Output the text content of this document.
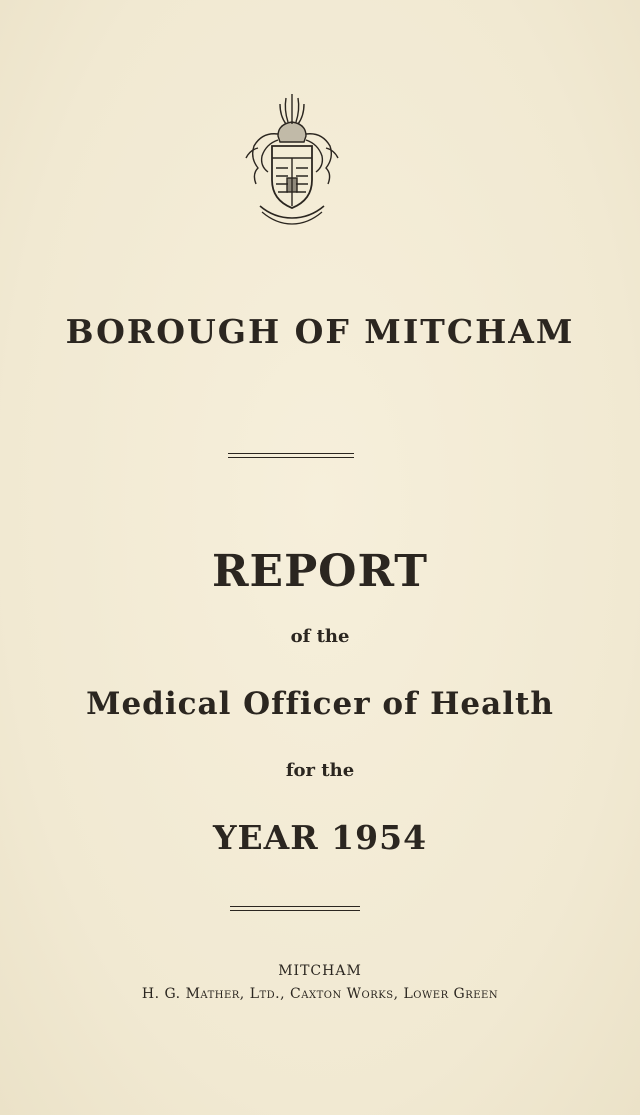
BOROUGH OF MITCHAM
REPORT
of the
Medical Officer of Health
for the
YEAR 1954
MITCHAM
H. G. Mather, Ltd., Caxton Works, Lower Green
